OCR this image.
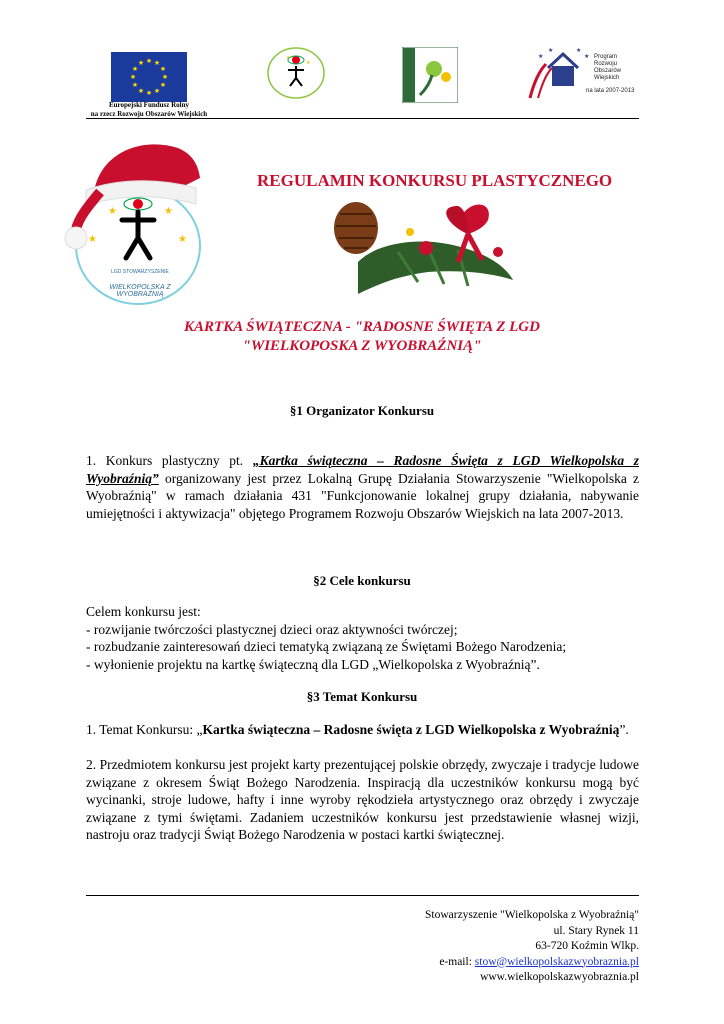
★ ★
★
★
★
★
★
★
★
★
★
★
Europejski Fundusz Rolny
na rzecz Rozwoju Obszarów Wiejskich
★
★
★
★	★
★ Program
Rozwoju
Obszarów
Wiejskich
na lata 2007-2013
★	★
★	★
LGD STOWARZYSZENIE
WIELKOPOLSKA Z WYOBRAŹNIĄ
REGULAMIN KONKURSU PLASTYCZNEGO
KARTKA ŚWIĄTECZNA - "RADOSNE ŚWIĘTA Z LGD
"WIELKOPOSKA Z WYOBRAŹNIĄ"
§1 Organizator Konkursu
1. Konkurs plastyczny pt. „Kartka świąteczna – Radosne Święta z LGD Wielkopolska z Wyobraźnią” organizowany jest przez Lokalną Grupę Działania Stowarzyszenie "Wielkopolska z Wyobraźnią" w ramach działania 431 "Funkcjonowanie lokalnej grupy działania, nabywanie umiejętności i aktywizacja" objętego Programem Rozwoju Obszarów Wiejskich na lata 2007-2013.
§2 Cele konkursu
Celem konkursu jest:
- rozwijanie twórczości plastycznej dzieci oraz aktywności twórczej;
- rozbudzanie zainteresowań dzieci tematyką związaną ze Świętami Bożego Narodzenia;
- wyłonienie projektu na kartkę świąteczną dla LGD „Wielkopolska z Wyobraźnią”.
§3 Temat Konkursu
1. Temat Konkursu: „Kartka świąteczna – Radosne święta z LGD Wielkopolska z Wyobraźnią”.
2. Przedmiotem konkursu jest projekt karty prezentującej polskie obrzędy, zwyczaje i tradycje ludowe związane z okresem Świąt Bożego Narodzenia. Inspiracją dla uczestników konkursu mogą być wycinanki, stroje ludowe, hafty i inne wyroby rękodzieła artystycznego oraz obrzędy i zwyczaje związane z tymi świętami. Zadaniem uczestników konkursu jest przedstawienie własnej wizji, nastroju oraz tradycji Świąt Bożego Narodzenia w postaci kartki świątecznej.
Stowarzyszenie "Wielkopolska z Wyobraźnią"
ul. Stary Rynek 11
63-720 Koźmin Wlkp.
e-mail: stow@wielkopolskazwyobraznia.pl
www.wielkopolskazwyobraznia.pl
